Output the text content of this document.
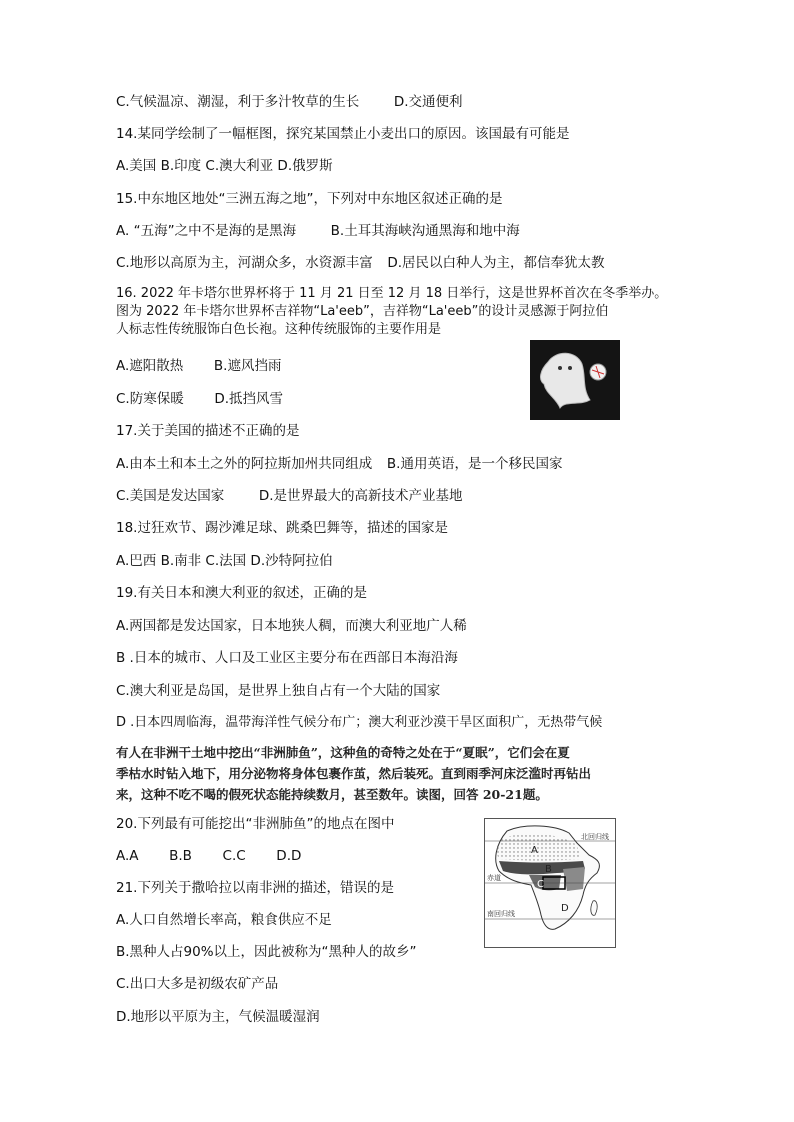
C.气候温凉、潮湿，利于多汁牧草的生长	D.交通便利
14.某同学绘制了一幅框图，探究某国禁止小麦出口的原因。该国最有可能是
A.美国 B.印度 C.澳大利亚 D.俄罗斯
15.中东地区地处“三洲五海之地”，下列对中东地区叙述正确的是
A. “五海”之中不是海的是黑海	B.土耳其海峡沟通黑海和地中海
C.地形以高原为主，河湖众多，水资源丰富 D.居民以白种人为主，都信奉犹太教
16. 2022 年卡塔尔世界杯将于 11 月 21 日至 12 月 18 日举行，这是世界杯首次在冬季举办。
图为 2022 年卡塔尔世界杯吉祥物“La'eeb”，吉祥物“La'eeb”的设计灵感源于阿拉伯
人标志性传统服饰白色长袍。这种传统服饰的主要作用是
A.遮阳散热 B.遮风挡雨
C.防寒保暖 D.抵挡风雪
17.关于美国的描述不正确的是
A.由本土和本土之外的阿拉斯加州共同组成 B.通用英语，是一个移民国家
C.美国是发达国家	D.是世界最大的高新技术产业基地
18.过狂欢节、踢沙滩足球、跳桑巴舞等，描述的国家是
A.巴西 B.南非 C.法国 D.沙特阿拉伯
19.有关日本和澳大利亚的叙述，正确的是
A.两国都是发达国家，日本地狭人稠，而澳大利亚地广人稀
B .日本的城市、人口及工业区主要分布在西部日本海沿海
C.澳大利亚是岛国，是世界上独自占有一个大陆的国家
D .日本四周临海，温带海洋性气候分布广；澳大利亚沙漠干旱区面积广，无热带气候
有人在非洲干土地中挖出“非洲肺鱼”，这种鱼的奇特之处在于“夏眠”，它们会在夏
季枯水时钻入地下，用分泌物将身体包裹作茧，然后装死。直到雨季河床泛滥时再钻出
来，这种不吃不喝的假死状态能持续数月，甚至数年。读图，回答 20-21题。
20.下列最有可能挖出“非洲肺鱼”的地点在图中
A.A B.B C.C D.D
21.下列关于撒哈拉以南非洲的描述，错误的是
A.人口自然增长率高，粮食供应不足
B.黑种人占90%以上，因此被称为“黑种人的故乡”
C.出口大多是初级农矿产品
D.地形以平原为主，气候温暖湿润
北回归线
赤道
南回归线
A
B
C
D
